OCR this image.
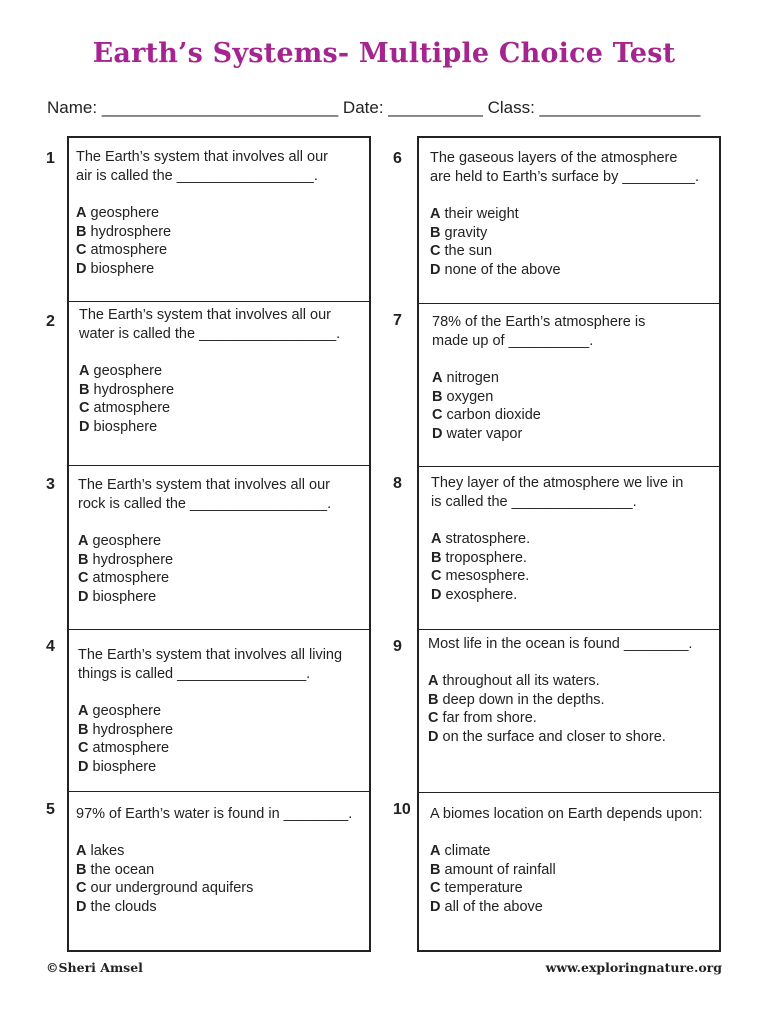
Earth’s Systems- Multiple Choice Test
Name: _________________________ Date: __________ Class: _________________
1 The Earth’s system that involves all our
air is called the _________________.
A geosphere
B hydrosphere
C atmosphere
D biosphere
2 The Earth’s system that involves all our
water is called the _________________.
A geosphere
B hydrosphere
C atmosphere
D biosphere
3 The Earth’s system that involves all our
rock is called the _________________.
A geosphere
B hydrosphere
C atmosphere
D biosphere
4 The Earth’s system that involves all living
things is called ________________.
A geosphere
B hydrosphere
C atmosphere
D biosphere
5 97% of Earth’s water is found in ________.
A lakes
B the ocean
C our underground aquifers
D the clouds
6 The gaseous layers of the atmosphere
are held to Earth’s surface by _________.
A their weight
B gravity
C the sun
D none of the above
7 78% of the Earth’s atmosphere is
made up of __________.
A nitrogen
B oxygen
C carbon dioxide
D water vapor
8 They layer of the atmosphere we live in
is called the _______________.
A stratosphere.
B troposphere.
C mesosphere.
D exosphere.
9 Most life in the ocean is found ________.
A throughout all its waters.
B deep down in the depths.
C far from shore.
D on the surface and closer to shore.
10 A biomes location on Earth depends upon:
A climate
B amount of rainfall
C temperature
D all of the above
©Sheri Amsel	www.exploringnature.org
